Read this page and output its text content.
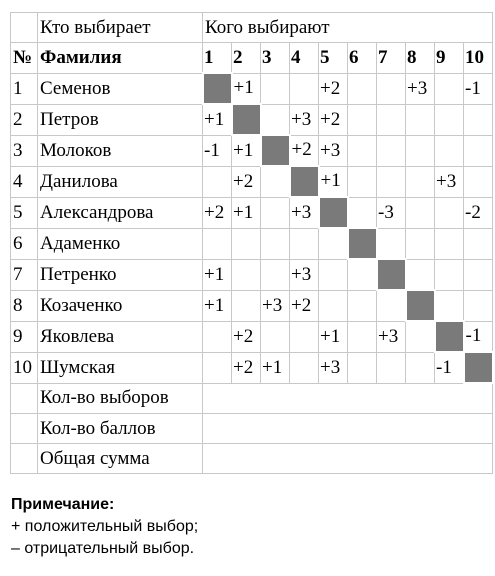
	Кто выбирает	Кого выбирают									
№	Фамилия	1	2	3	4	5	6	7	8	9	10
1	Семенов		+1			+2			+3		-1
2	Петров	+1			+3	+2					
3	Молоков	-1	+1		+2	+3					
4	Данилова		+2			+1				+3	
5	Александрова	+2	+1		+3			-3			-2
6	Адаменко										
7	Петренко	+1			+3						
8	Козаченко	+1		+3	+2						
9	Яковлева		+2			+1		+3			-1
10	Шумская		+2	+1		+3				-1	
	Кол-во выборов										
	Кол-во баллов										
	Общая сумма										
Примечание:
+ положительный выбор;
– отрицательный выбор.
